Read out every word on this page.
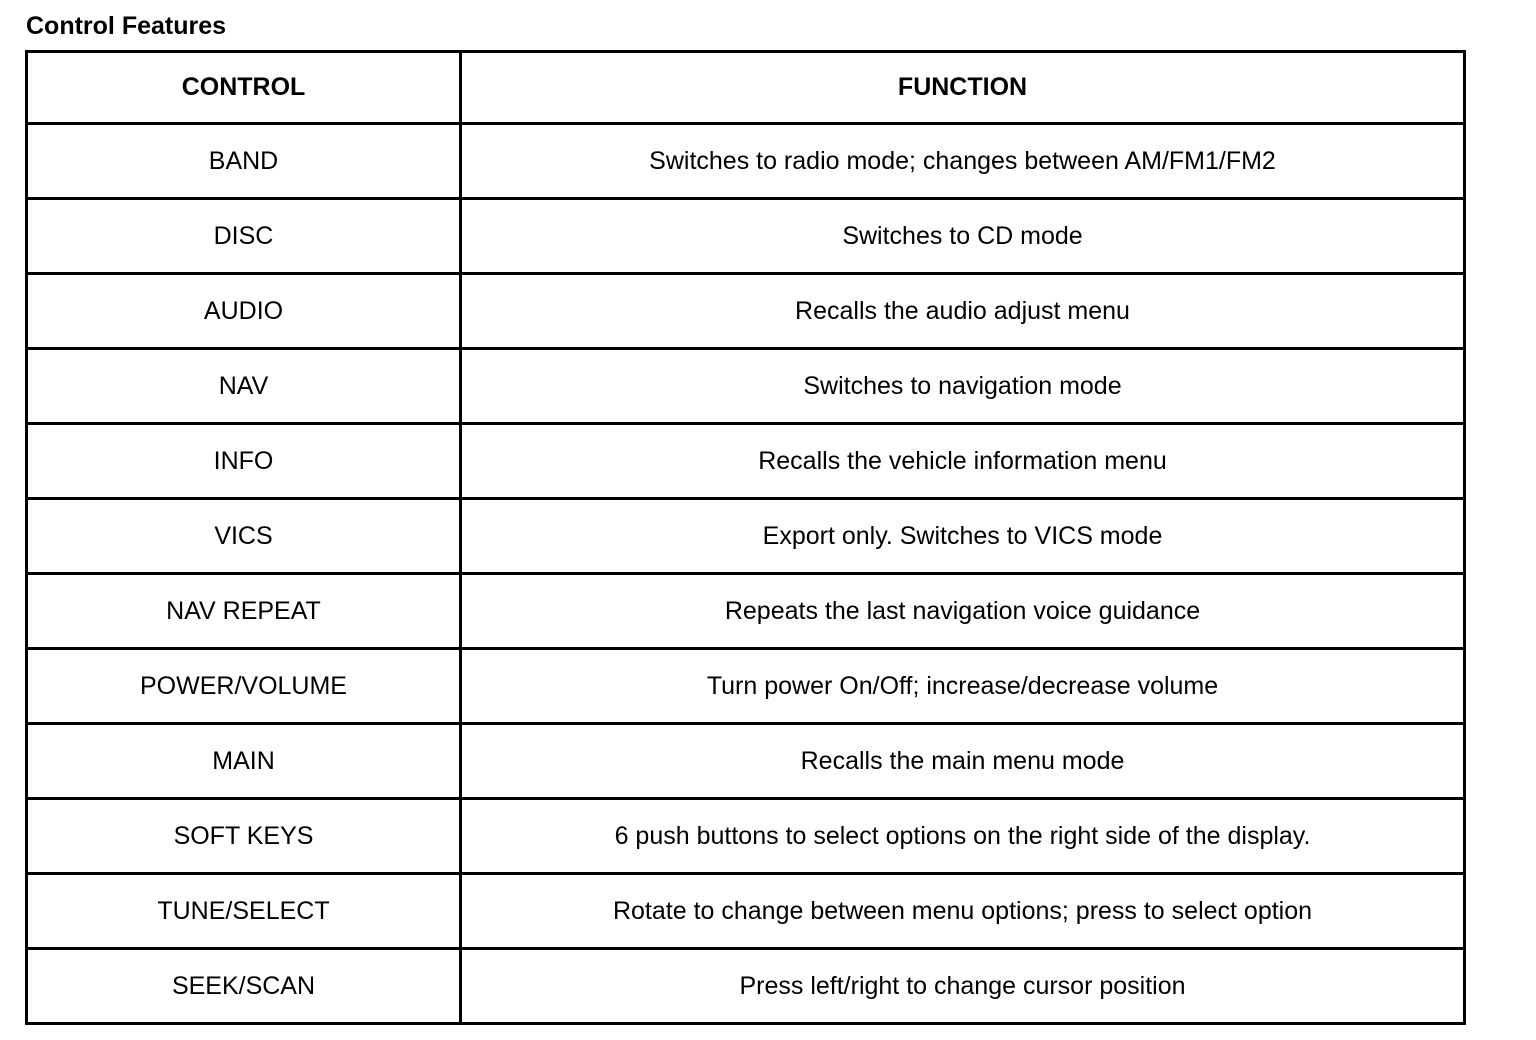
Control Features
CONTROL	FUNCTION
BAND	Switches to radio mode; changes between AM/FM1/FM2
DISC	Switches to CD mode
AUDIO	Recalls the audio adjust menu
NAV	Switches to navigation mode
INFO	Recalls the vehicle information menu
VICS	Export only. Switches to VICS mode
NAV REPEAT	Repeats the last navigation voice guidance
POWER/VOLUME	Turn power On/Off; increase/decrease volume
MAIN	Recalls the main menu mode
SOFT KEYS	6 push buttons to select options on the right side of the display.
TUNE/SELECT	Rotate to change between menu options; press to select option
SEEK/SCAN	Press left/right to change cursor position
